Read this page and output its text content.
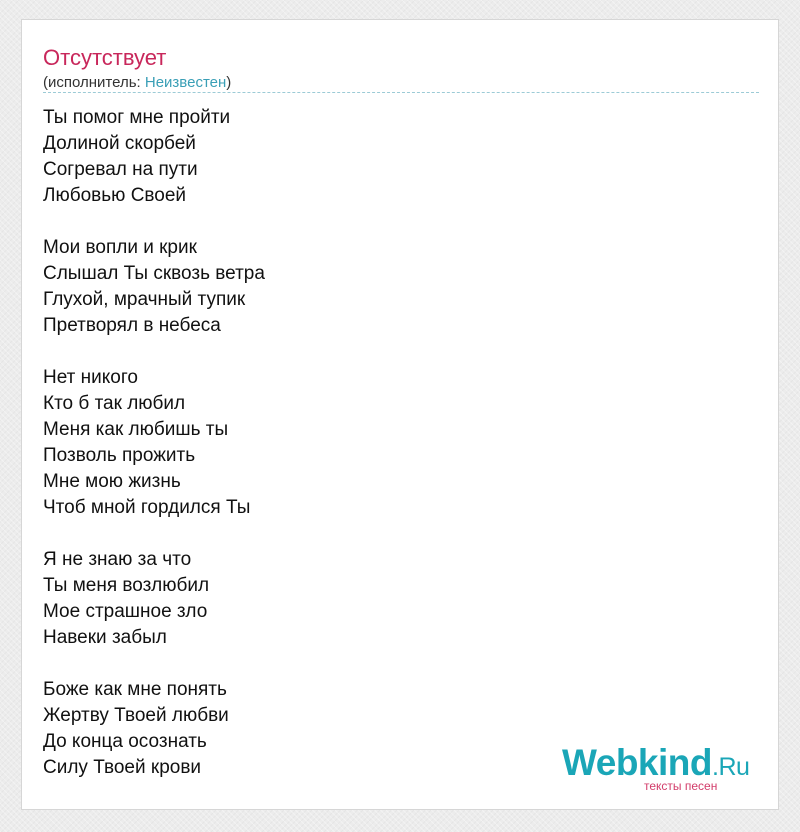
Отсутствует
(исполнитель: Неизвестен)
Ты помог мне пройти
Долиной скорбей
Согревал на пути
Любовью Своей
Мои вопли и крик
Слышал Ты сквозь ветра
Глухой, мрачный тупик
Претворял в небеса
Нет никого
Кто б так любил
Меня как любишь ты
Позволь прожить
Мне мою жизнь
Чтоб мной гордился Ты
Я не знаю за что
Ты меня возлюбил
Мое страшное зло
Навеки забыл
Боже как мне понять
Жертву Твоей любви
До конца осознать
Силу Твоей крови	Webkind.Ru
тексты песен
